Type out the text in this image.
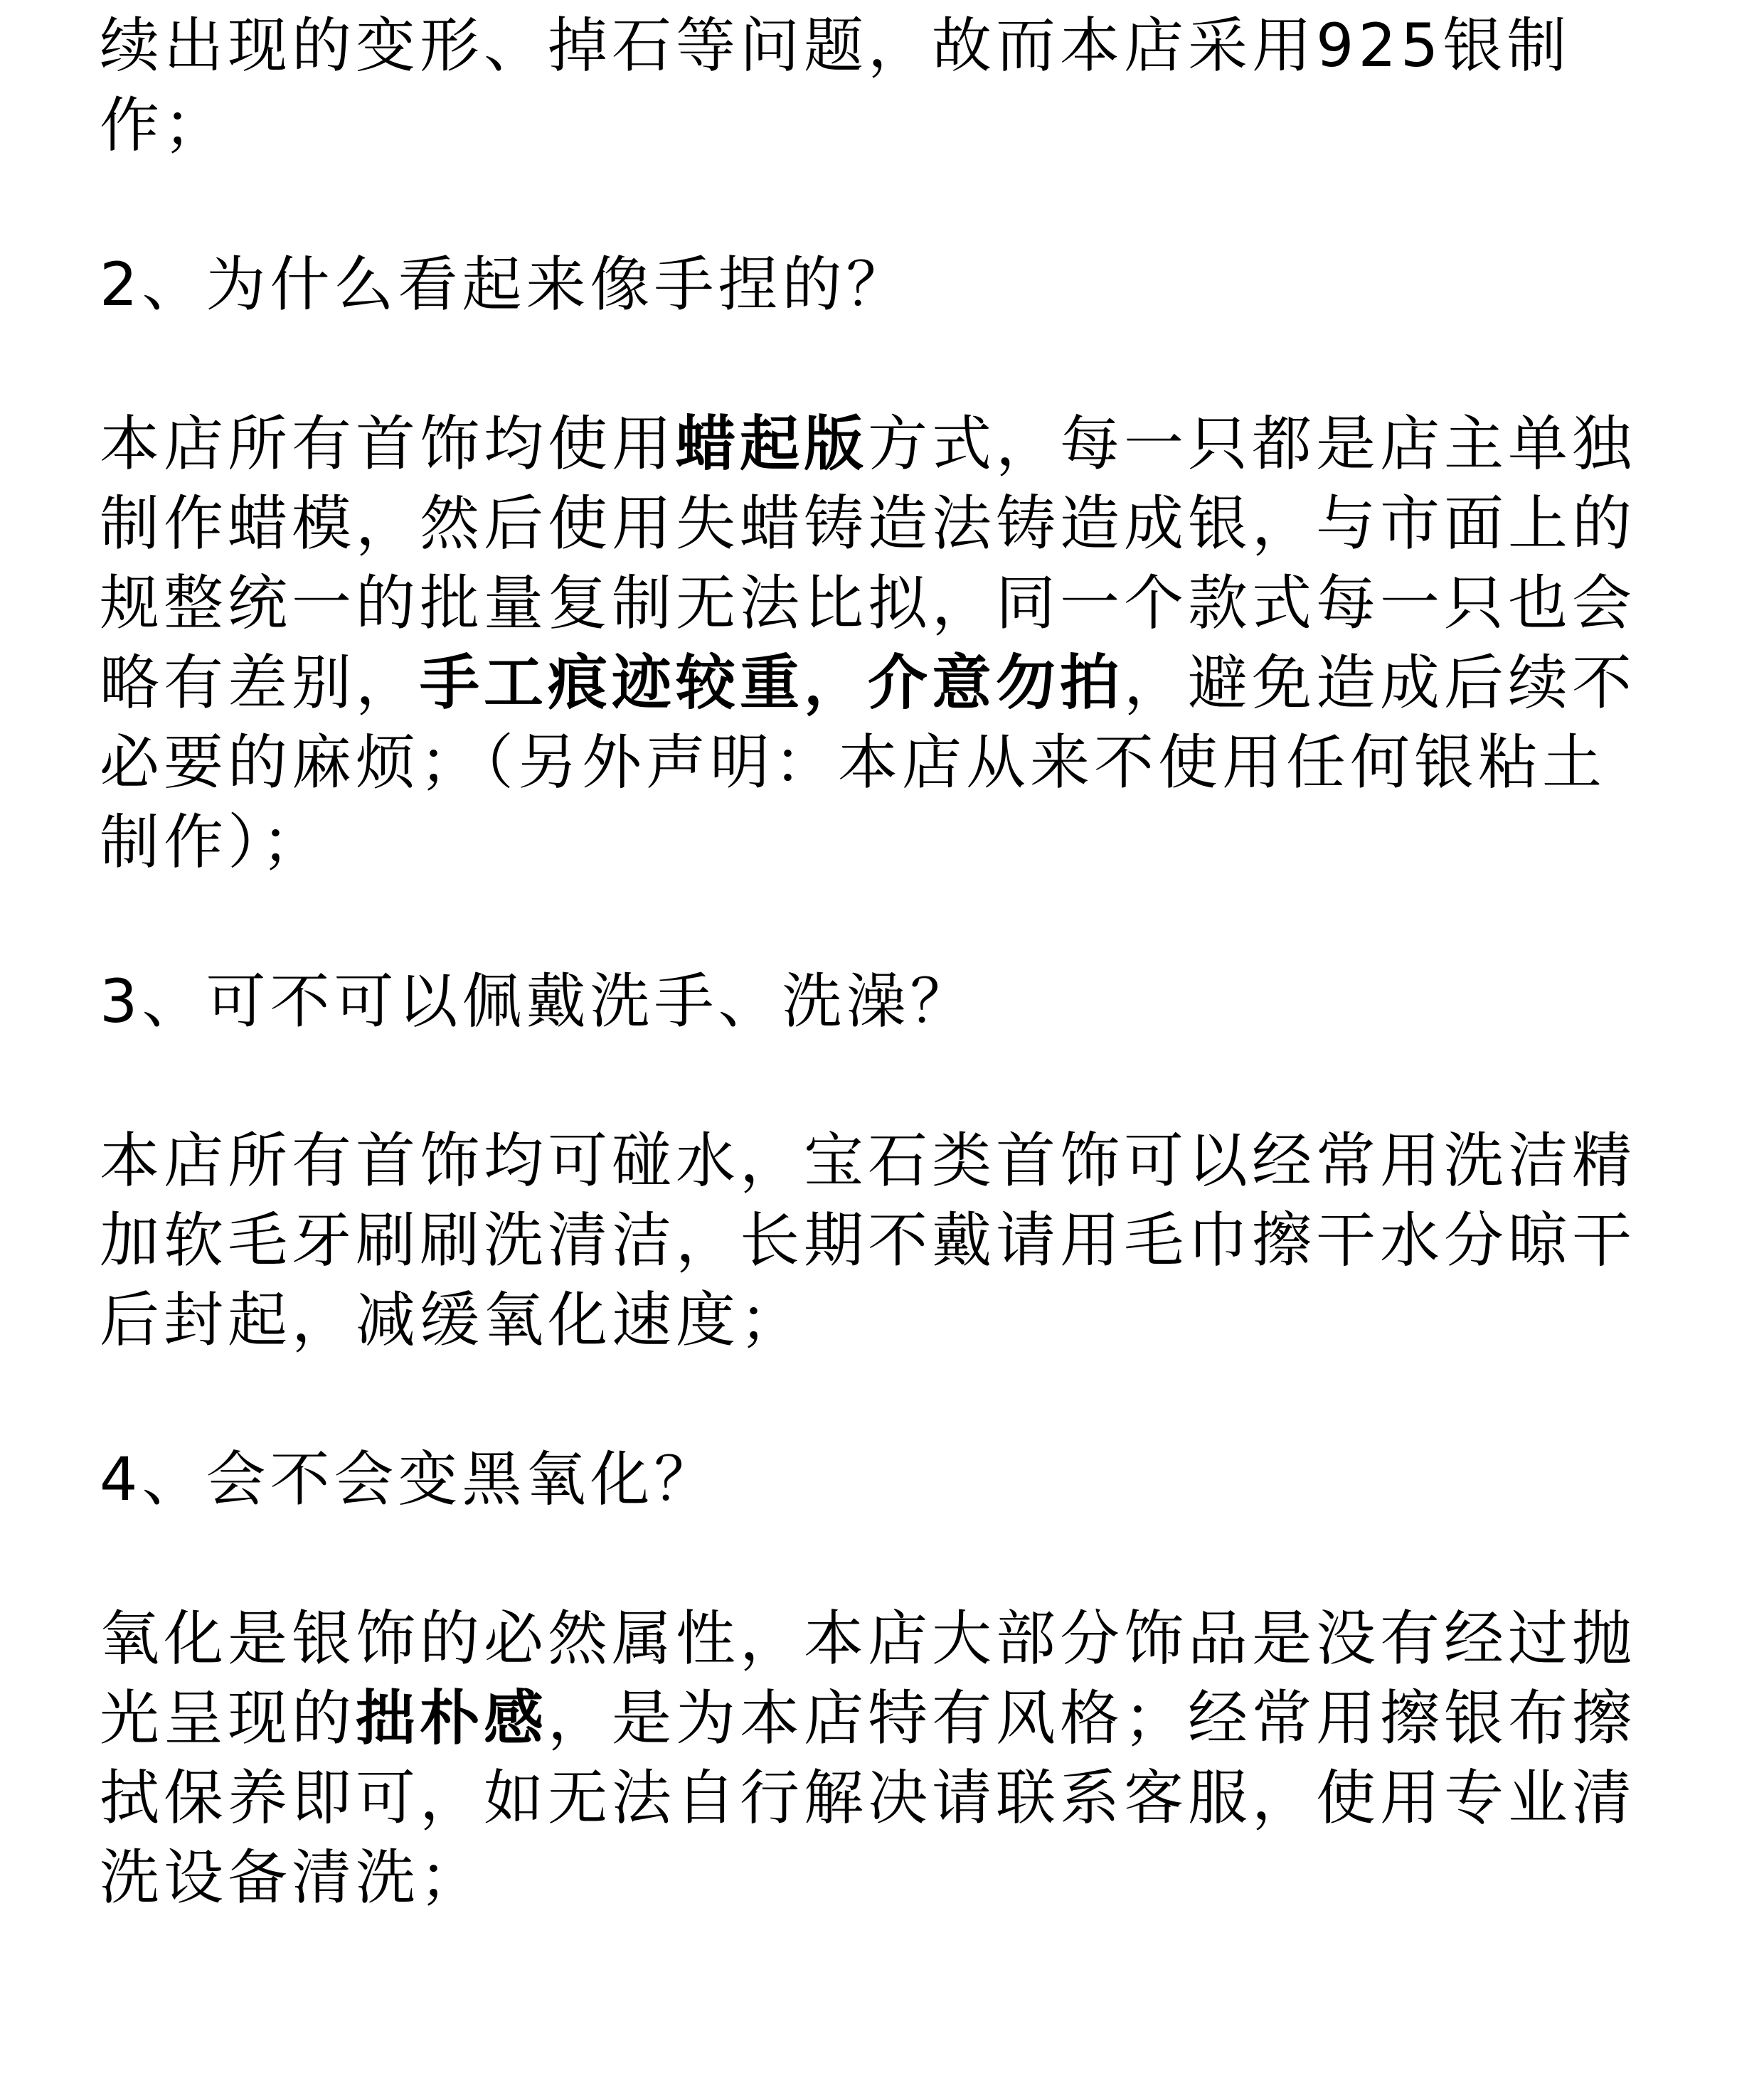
续出现的变形、掉石等问题，故而本店采用925银制作；

2、为什么看起来像手捏的？

本店所有首饰均使用蜡起版方式，每一只都是店主单独制作蜡模，然后使用失蜡铸造法铸造成银，与市面上的规整统一的批量复制无法比拟，同一个款式每一只也会略有差别，手工痕迹较重，介意勿拍，避免造成后续不必要的麻烦；（另外声明：本店从来不使用任何银粘土制作）；

3、可不可以佩戴洗手、洗澡？

本店所有首饰均可碰水，宝石类首饰可以经常用洗洁精加软毛牙刷刷洗清洁，长期不戴请用毛巾擦干水分晾干后封起，减缓氧化速度；

4、会不会变黑氧化？

氧化是银饰的必然属性，本店大部分饰品是没有经过抛光呈现的拙朴感，是为本店特有风格；经常用擦银布擦拭保养即可，如无法自行解决请联系客服，使用专业清洗设备清洗；
